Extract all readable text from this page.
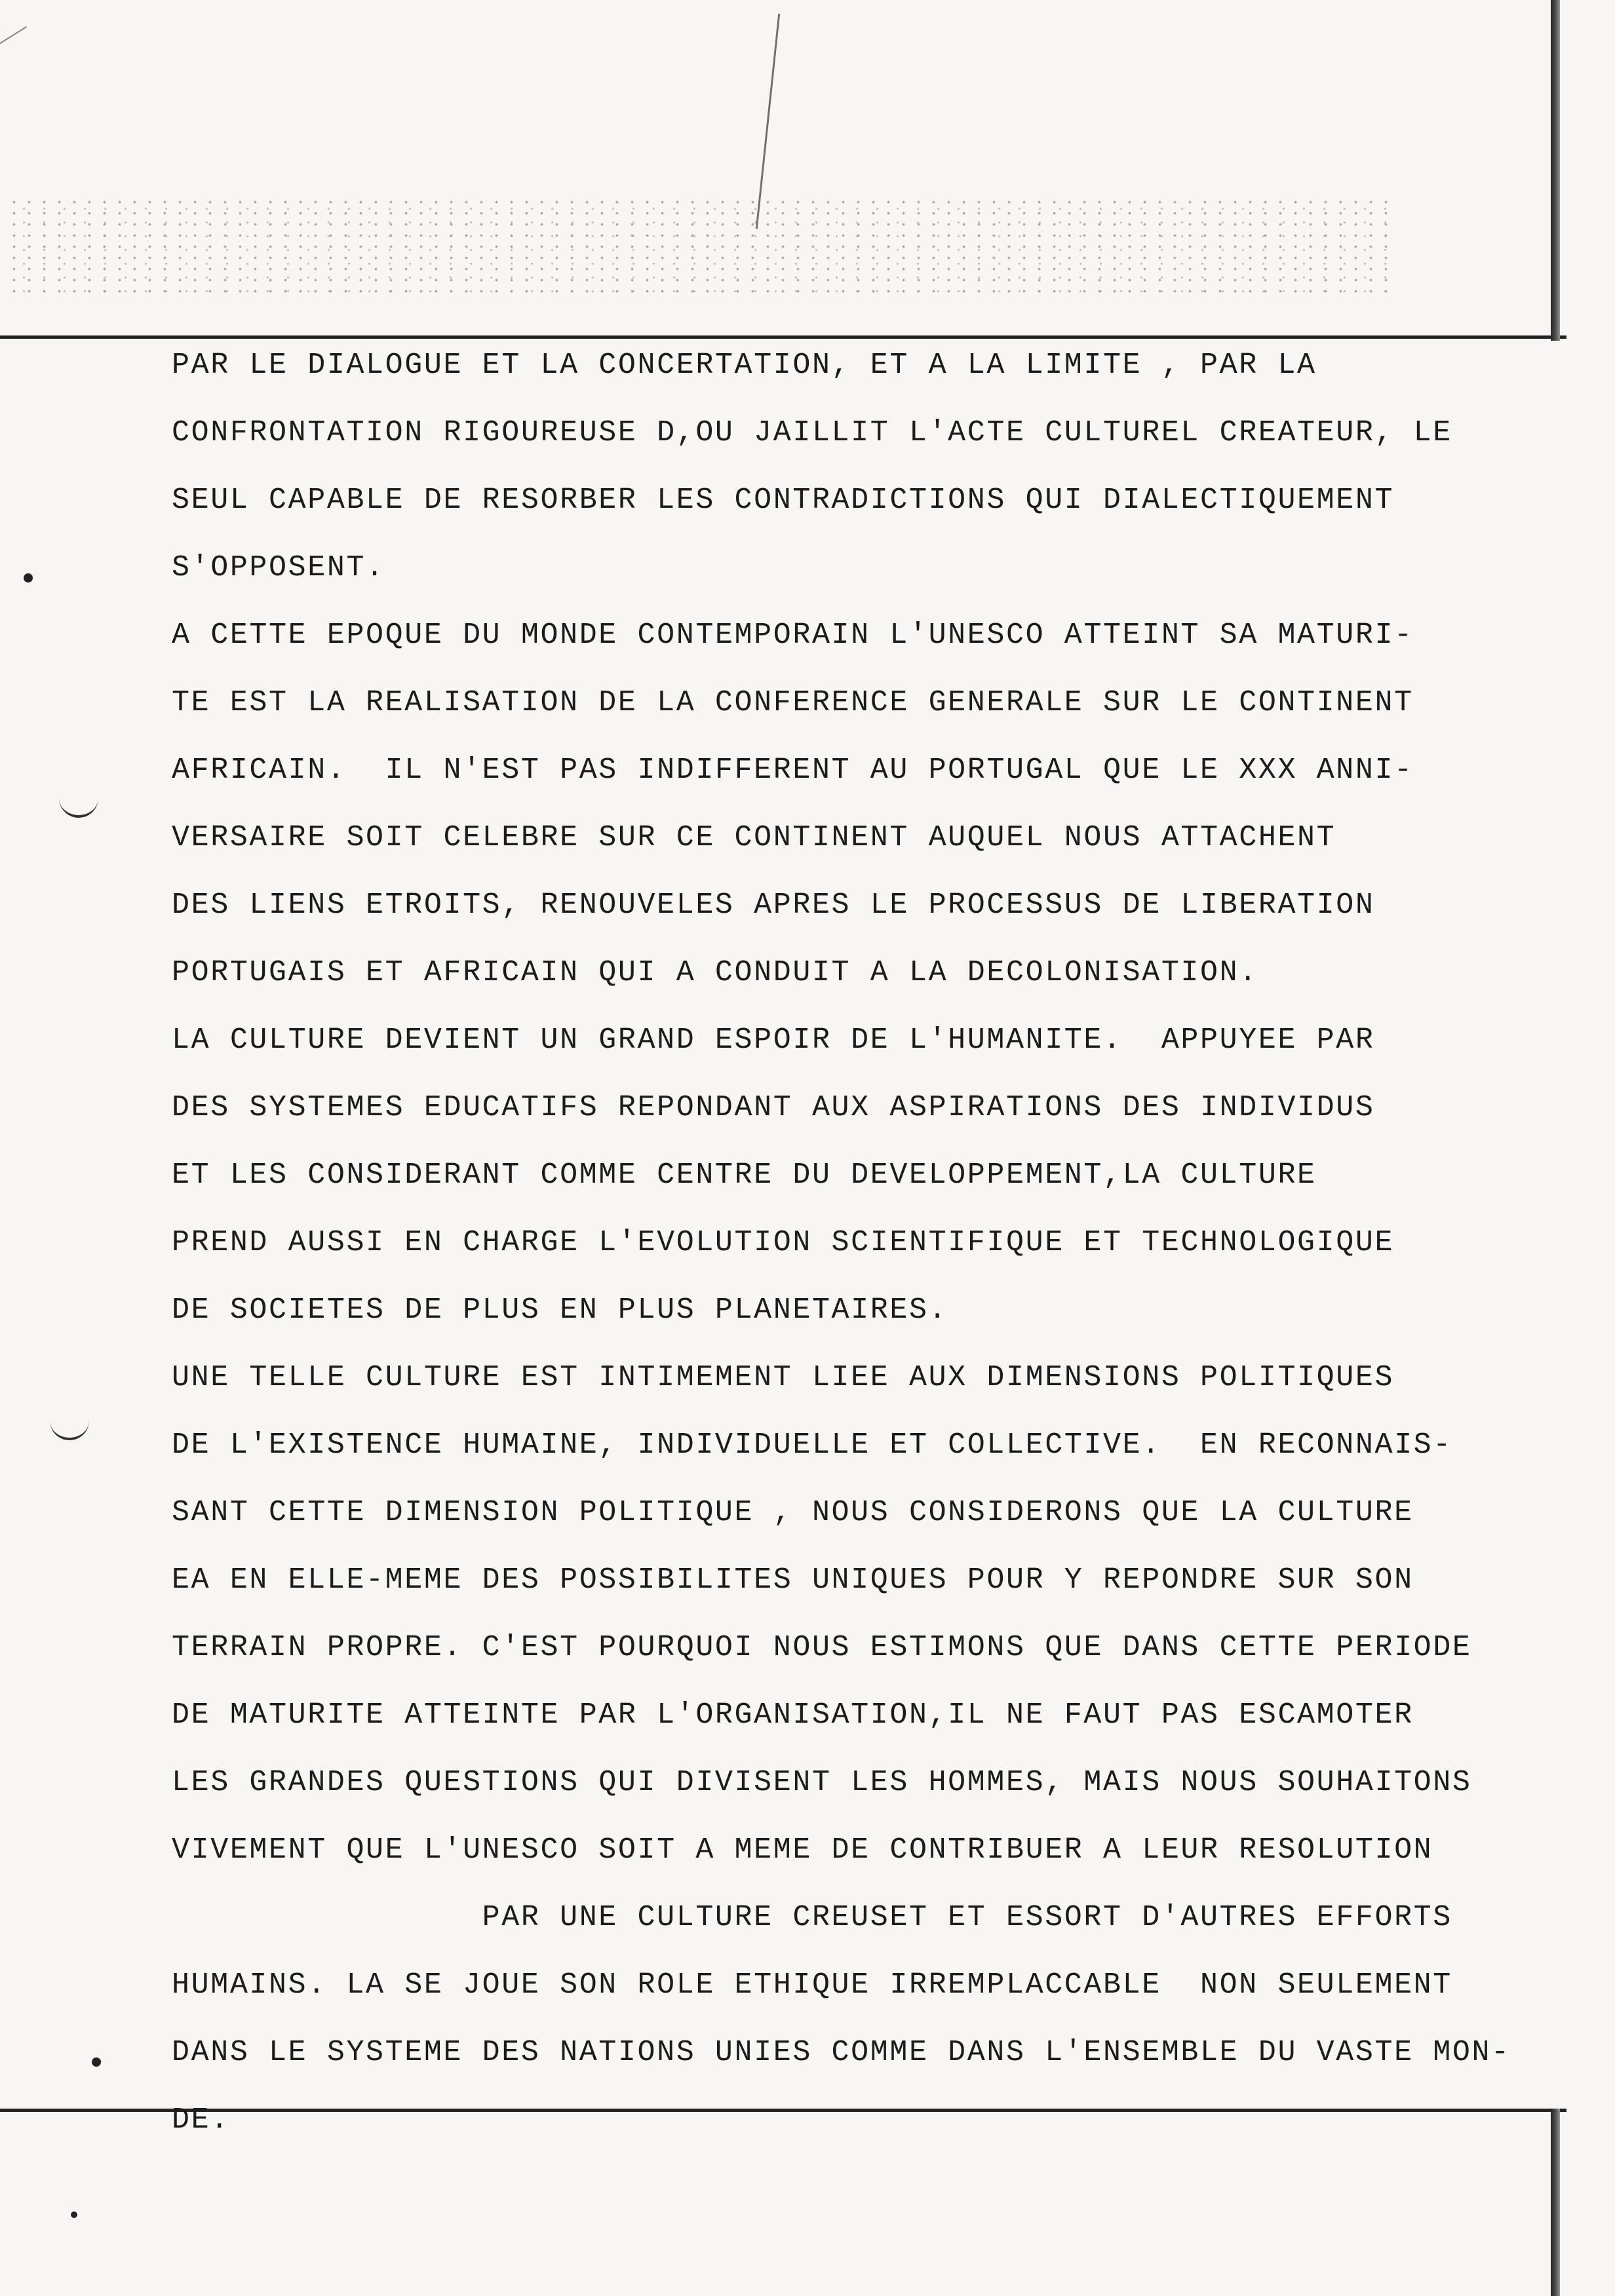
PAR LE DIALOGUE ET LA CONCERTATION, ET A LA LIMITE , PAR LA
CONFRONTATION RIGOUREUSE D,OU JAILLIT L'ACTE CULTUREL CREATEUR, LE
SEUL CAPABLE DE RESORBER LES CONTRADICTIONS QUI DIALECTIQUEMENT
S'OPPOSENT.
A CETTE EPOQUE DU MONDE CONTEMPORAIN L'UNESCO ATTEINT SA MATURI-
TE EST LA REALISATION DE LA CONFERENCE GENERALE SUR LE CONTINENT
AFRICAIN.  IL N'EST PAS INDIFFERENT AU PORTUGAL QUE LE XXX ANNI-
VERSAIRE SOIT CELEBRE SUR CE CONTINENT AUQUEL NOUS ATTACHENT
DES LIENS ETROITS, RENOUVELES APRES LE PROCESSUS DE LIBERATION
PORTUGAIS ET AFRICAIN QUI A CONDUIT A LA DECOLONISATION.
LA CULTURE DEVIENT UN GRAND ESPOIR DE L'HUMANITE.  APPUYEE PAR
DES SYSTEMES EDUCATIFS REPONDANT AUX ASPIRATIONS DES INDIVIDUS
ET LES CONSIDERANT COMME CENTRE DU DEVELOPPEMENT,LA CULTURE
PREND AUSSI EN CHARGE L'EVOLUTION SCIENTIFIQUE ET TECHNOLOGIQUE
DE SOCIETES DE PLUS EN PLUS PLANETAIRES.
UNE TELLE CULTURE EST INTIMEMENT LIEE AUX DIMENSIONS POLITIQUES
DE L'EXISTENCE HUMAINE, INDIVIDUELLE ET COLLECTIVE.  EN RECONNAIS-
SANT CETTE DIMENSION POLITIQUE , NOUS CONSIDERONS QUE LA CULTURE
EA EN ELLE-MEME DES POSSIBILITES UNIQUES POUR Y REPONDRE SUR SON
TERRAIN PROPRE. C'EST POURQUOI NOUS ESTIMONS QUE DANS CETTE PERIODE
DE MATURITE ATTEINTE PAR L'ORGANISATION,IL NE FAUT PAS ESCAMOTER
LES GRANDES QUESTIONS QUI DIVISENT LES HOMMES, MAIS NOUS SOUHAITONS
VIVEMENT QUE L'UNESCO SOIT A MEME DE CONTRIBUER A LEUR RESOLUTION
PAR UNE CULTURE CREUSET ET ESSORT D'AUTRES EFFORTS
HUMAINS. LA SE JOUE SON ROLE ETHIQUE IRREMPLACCABLE  NON SEULEMENT
DANS LE SYSTEME DES NATIONS UNIES COMME DANS L'ENSEMBLE DU VASTE MON-
DE.
